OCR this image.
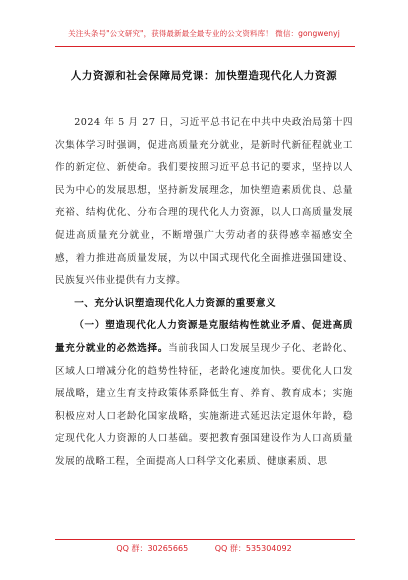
关注头条号"公文研究"，获得最新最全最专业的公文资料库！ 微信：gongwenyj
人力资源和社会保障局党课：加快塑造现代化人力资源

2024 年 5 月 27 日，习近平总书记在中共中央政治局第十四次集体学习时强调，促进高质量充分就业，是新时代新征程就业工作的新定位、新使命。我们要按照习近平总书记的要求，坚持以人民为中心的发展思想，坚持新发展理念，加快塑造素质优良、总量充裕、结构优化、分布合理的现代化人力资源，以人口高质量发展促进高质量充分就业，不断增强广大劳动者的获得感幸福感安全感，着力推进高质量发展，为以中国式现代化全面推进强国建设、民族复兴伟业提供有力支撑。

一、充分认识塑造现代化人力资源的重要意义

（一）塑造现代化人力资源是克服结构性就业矛盾、促进高质量充分就业的必然选择。当前我国人口发展呈现少子化、老龄化、区域人口增减分化的趋势性特征，老龄化速度加快。要优化人口发展战略，建立生育支持政策体系降低生育、养育、教育成本；实施积极应对人口老龄化国家战略，实施渐进式延迟法定退休年龄，稳定现代化人力资源的人口基础。要把教育强国建设作为人口高质量发展的战略工程，全面提高人口科学文化素质、健康素质、思

QQ 群：30265665	QQ 群：535304092
